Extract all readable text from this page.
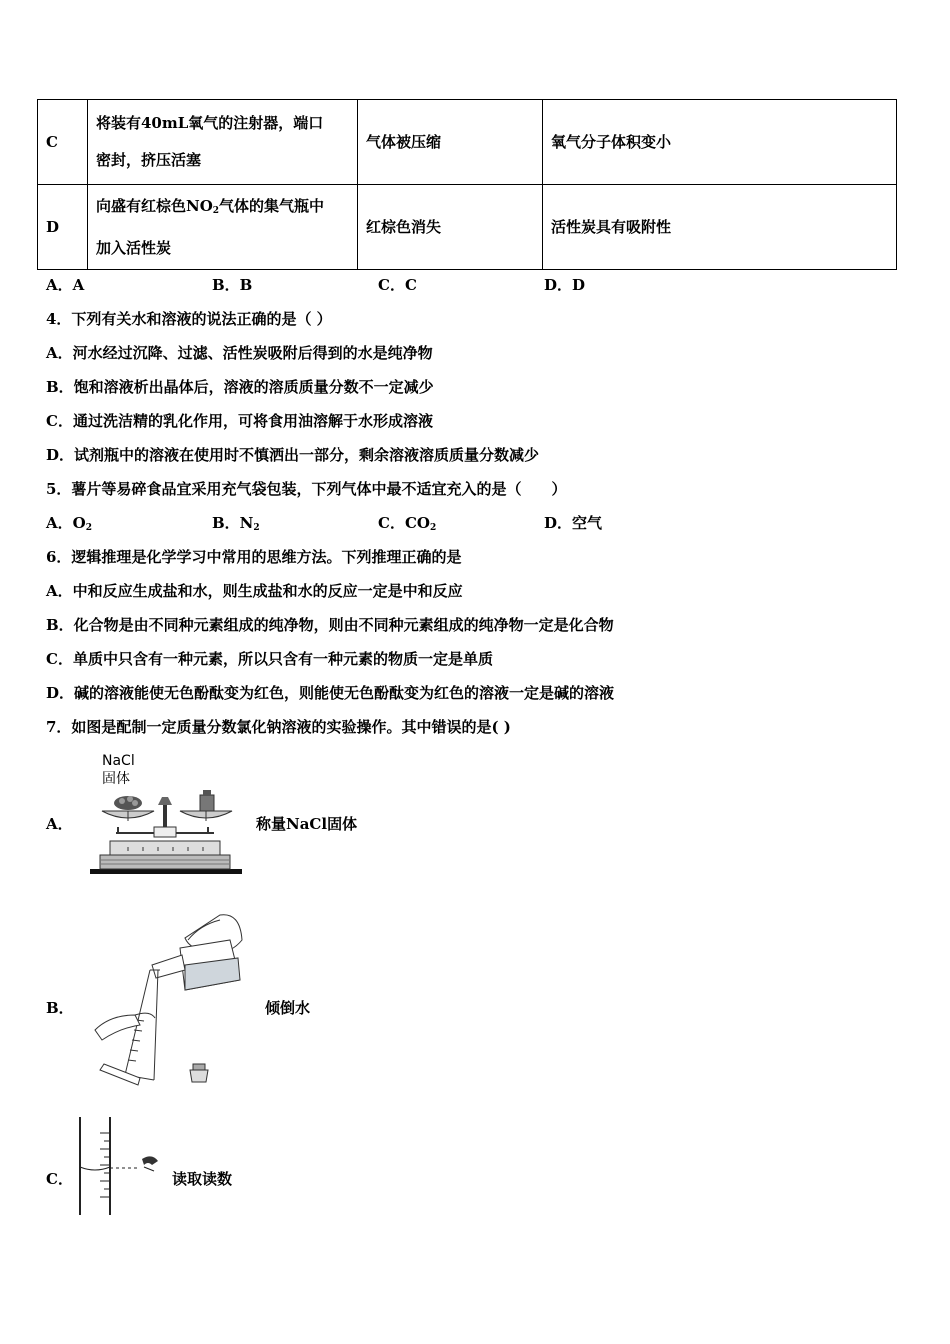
C	将装有40mL氧气的注射器，端口
密封，挤压活塞	气体被压缩	氧气分子体积变小
D	向盛有红棕色$NO_2$气体的集气瓶中
加入活性炭	红棕色消失	活性炭具有吸附性
A．A	B．B	C．C	D．D
4．下列有关水和溶液的说法正确的是（ ）
A．河水经过沉降、过滤、活性炭吸附后得到的水是纯净物
B．饱和溶液析出晶体后，溶液的溶质质量分数不一定减少
C．通过洗洁精的乳化作用，可将食用油溶解于水形成溶液
D．试剂瓶中的溶液在使用时不慎洒出一部分，剩余溶液溶质质量分数减少
5．薯片等易碎食品宜采用充气袋包装，下列气体中最不适宜充入的是（　　）
A．$O_2$	B．$N_2$	C．$CO_2$	D．空气
6．逻辑推理是化学学习中常用的思维方法。下列推理正确的是
A．中和反应生成盐和水，则生成盐和水的反应一定是中和反应
B．化合物是由不同种元素组成的纯净物，则由不同种元素组成的纯净物一定是化合物
C．单质中只含有一种元素，所以只含有一种元素的物质一定是单质
D．碱的溶液能使无色酚酞变为红色，则能使无色酚酞变为红色的溶液一定是碱的溶液
7．如图是配制一定质量分数氯化钠溶液的实验操作。其中错误的是( )
A．
NaCl
固体
称量NaCl固体
B．	倾倒水
C．	读取读数
